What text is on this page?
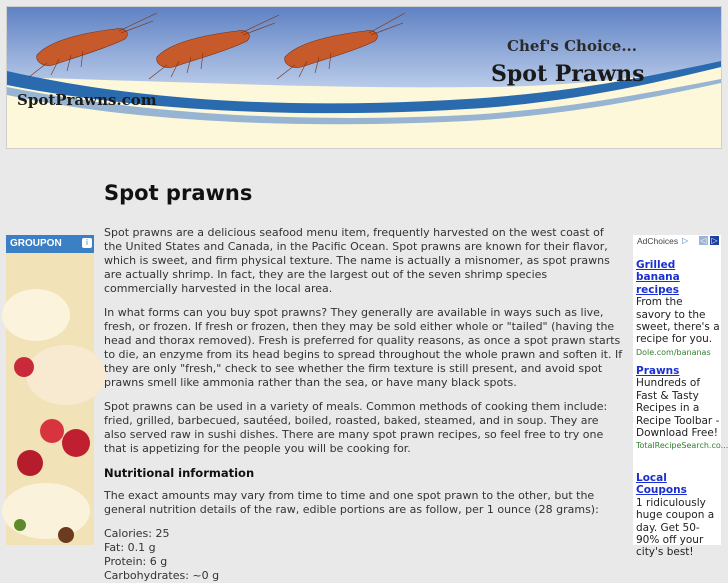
Chef's Choice...
Spot Prawns
SpotPrawns.com
GROUPON	i
Spot prawns

Spot prawns are a delicious seafood menu item, frequently harvested on the west coast of the United States and Canada, in the Pacific Ocean. Spot prawns are known for their flavor, which is sweet, and firm physical texture. The name is actually a misnomer, as spot prawns are actually shrimp. In fact, they are the largest out of the seven shrimp species commercially harvested in the local area.

In what forms can you buy spot prawns? They generally are available in ways such as live, fresh, or frozen. If fresh or frozen, then they may be sold either whole or "tailed" (having the head and thorax removed). Fresh is preferred for quality reasons, as once a spot prawn starts to die, an enzyme from its head begins to spread throughout the whole prawn and soften it. If they are only "fresh," check to see whether the firm texture is still present, and avoid spot prawns smell like ammonia rather than the sea, or have many black spots.

Spot prawns can be used in a variety of meals. Common methods of cooking them include: fried, grilled, barbecued, sautéed, boiled, roasted, baked, steamed, and in soup. They are also served raw in sushi dishes. There are many spot prawn recipes, so feel free to try one that is appetizing for the people you will be cooking for.

Nutritional information

The exact amounts may vary from time to time and one spot prawn to the other, but the general nutrition details of the raw, edible portions are as follow, per 1 ounce (28 grams):

Calories: 25

Fat: 0.1 g

Protein: 6 g

Carbohydrates: ~0 g

AdChoices ▷ ◁ ▷
Grilled banana recipes
From the savory to the sweet, there's a recipe for you.
Dole.com/bananas
Prawns
Hundreds of Fast & Tasty Recipes in a Recipe Toolbar - Download Free!
TotalRecipeSearch.co...
Local Coupons
1 ridiculously huge coupon a day. Get 50-90% off your city's best!
